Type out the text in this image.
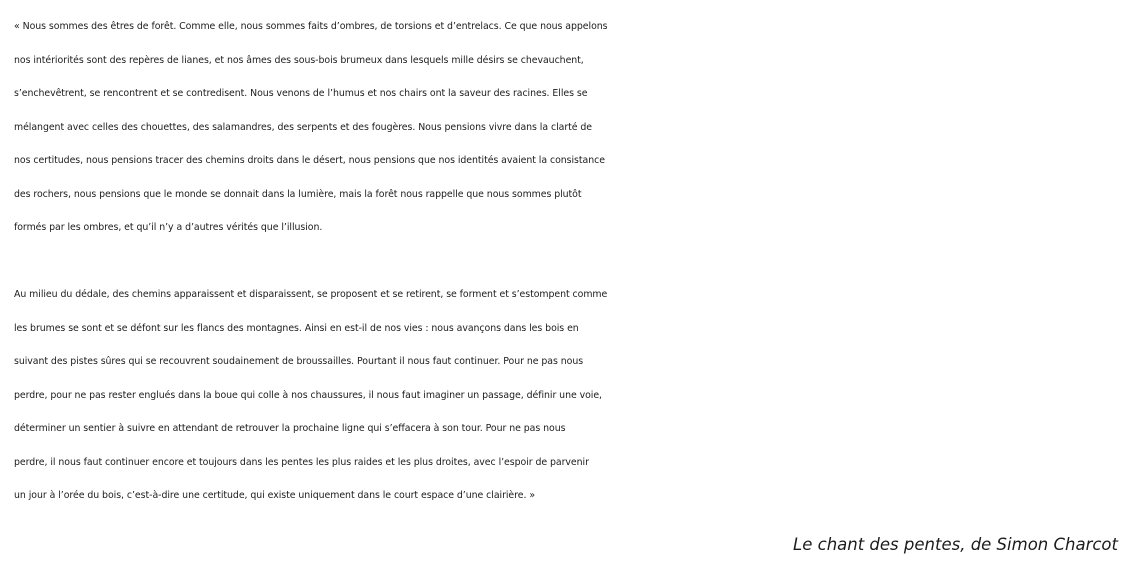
« Nous sommes des êtres de forêt. Comme elle, nous sommes faits d’ombres, de torsions et d’entrelacs. Ce que nous appelons
nos intériorités sont des repères de lianes, et nos âmes des sous-bois brumeux dans lesquels mille désirs se chevauchent,
s’enchevêtrent, se rencontrent et se contredisent. Nous venons de l’humus et nos chairs ont la saveur des racines. Elles se
mélangent avec celles des chouettes, des salamandres, des serpents et des fougères. Nous pensions vivre dans la clarté de
nos certitudes, nous pensions tracer des chemins droits dans le désert, nous pensions que nos identités avaient la consistance
des rochers, nous pensions que le monde se donnait dans la lumière, mais la forêt nous rappelle que nous sommes plutôt
formés par les ombres, et qu’il n’y a d’autres vérités que l’illusion.
Au milieu du dédale, des chemins apparaissent et disparaissent, se proposent et se retirent, se forment et s’estompent comme
les brumes se sont et se défont sur les flancs des montagnes. Ainsi en est-il de nos vies : nous avançons dans les bois en
suivant des pistes sûres qui se recouvrent soudainement de broussailles. Pourtant il nous faut continuer. Pour ne pas nous
perdre, pour ne pas rester englués dans la boue qui colle à nos chaussures, il nous faut imaginer un passage, définir une voie,
déterminer un sentier à suivre en attendant de retrouver la prochaine ligne qui s’effacera à son tour. Pour ne pas nous
perdre, il nous faut continuer encore et toujours dans les pentes les plus raides et les plus droites, avec l’espoir de parvenir
un jour à l’orée du bois, c’est-à-dire une certitude, qui existe uniquement dans le court espace d’une clairière. »
Le chant des pentes, de Simon Charcot
